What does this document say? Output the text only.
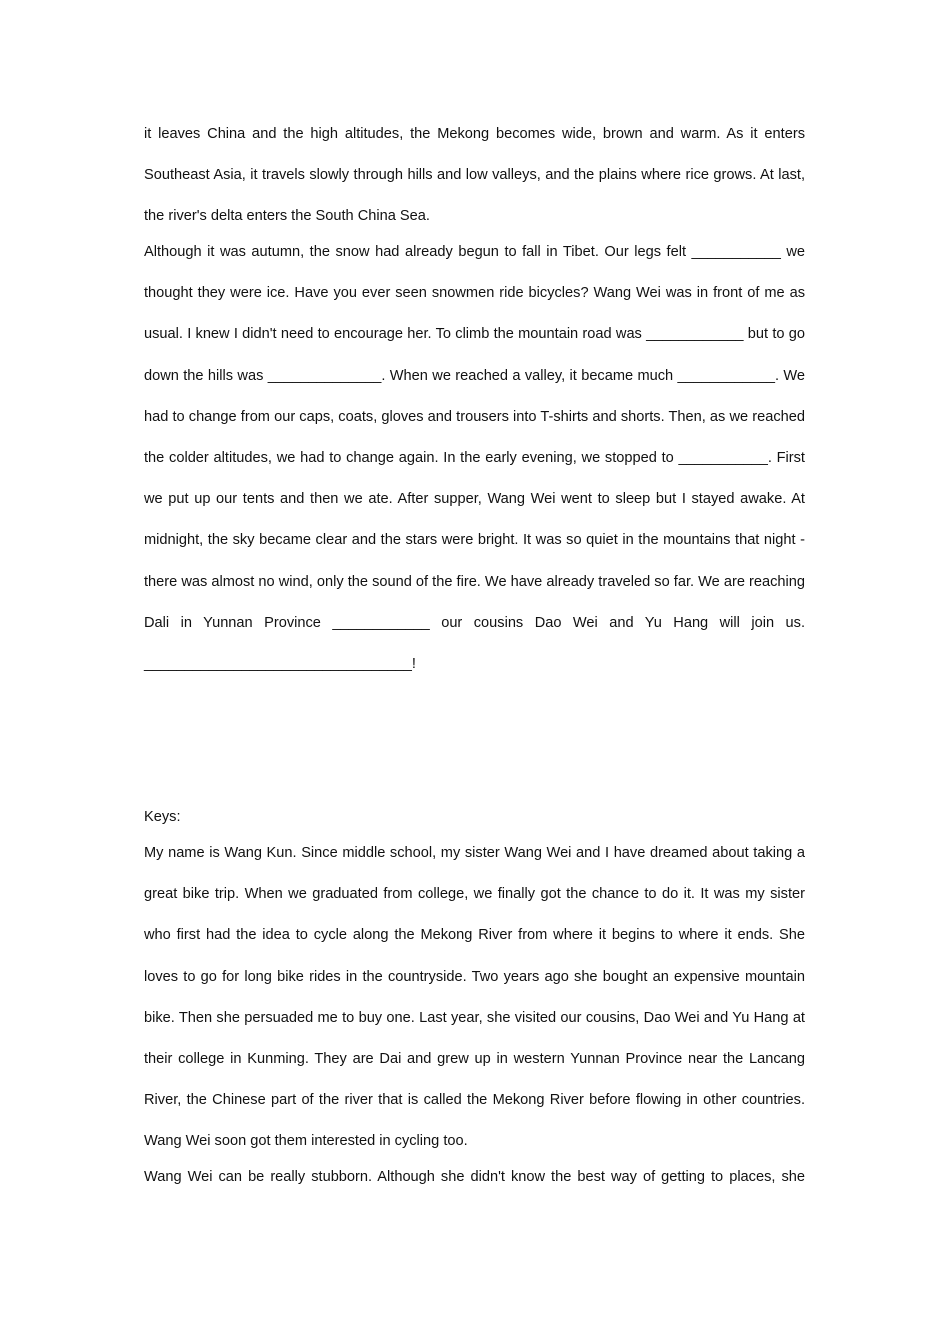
it leaves China and the high altitudes, the Mekong becomes wide, brown and warm. As it enters Southeast Asia, it travels slowly through hills and low valleys, and the plains where rice grows. At last, the river's delta enters the South China Sea.

Although it was autumn, the snow had already begun to fall in Tibet. Our legs felt ___________ we thought they were ice. Have you ever seen snowmen ride bicycles? Wang Wei was in front of me as usual. I knew I didn't need to encourage her. To climb the mountain road was ____________ but to go down the hills was ______________. When we reached a valley, it became much ____________. We had to change from our caps, coats, gloves and trousers into T-shirts and shorts. Then, as we reached the colder altitudes, we had to change again. In the early evening, we stopped to ___________. First we put up our tents and then we ate. After supper, Wang Wei went to sleep but I stayed awake. At midnight, the sky became clear and the stars were bright. It was so quiet in the mountains that night - there was almost no wind, only the sound of the fire. We have already traveled so far. We are reaching Dali in Yunnan Province ____________ our cousins Dao Wei and Yu Hang will join us.

_________________________________!

Keys:

My name is Wang Kun. Since middle school, my sister Wang Wei and I have dreamed about taking a great bike trip. When we graduated from college, we finally got the chance to do it. It was my sister who first had the idea to cycle along the Mekong River from where it begins to where it ends. She loves to go for long bike rides in the countryside. Two years ago she bought an expensive mountain bike. Then she persuaded me to buy one. Last year, she visited our cousins, Dao Wei and Yu Hang at their college in Kunming. They are Dai and grew up in western Yunnan Province near the Lancang River, the Chinese part of the river that is called the Mekong River before flowing in other countries. Wang Wei soon got them interested in cycling too.

Wang Wei can be really stubborn. Although she didn't know the best way of getting to places, she
